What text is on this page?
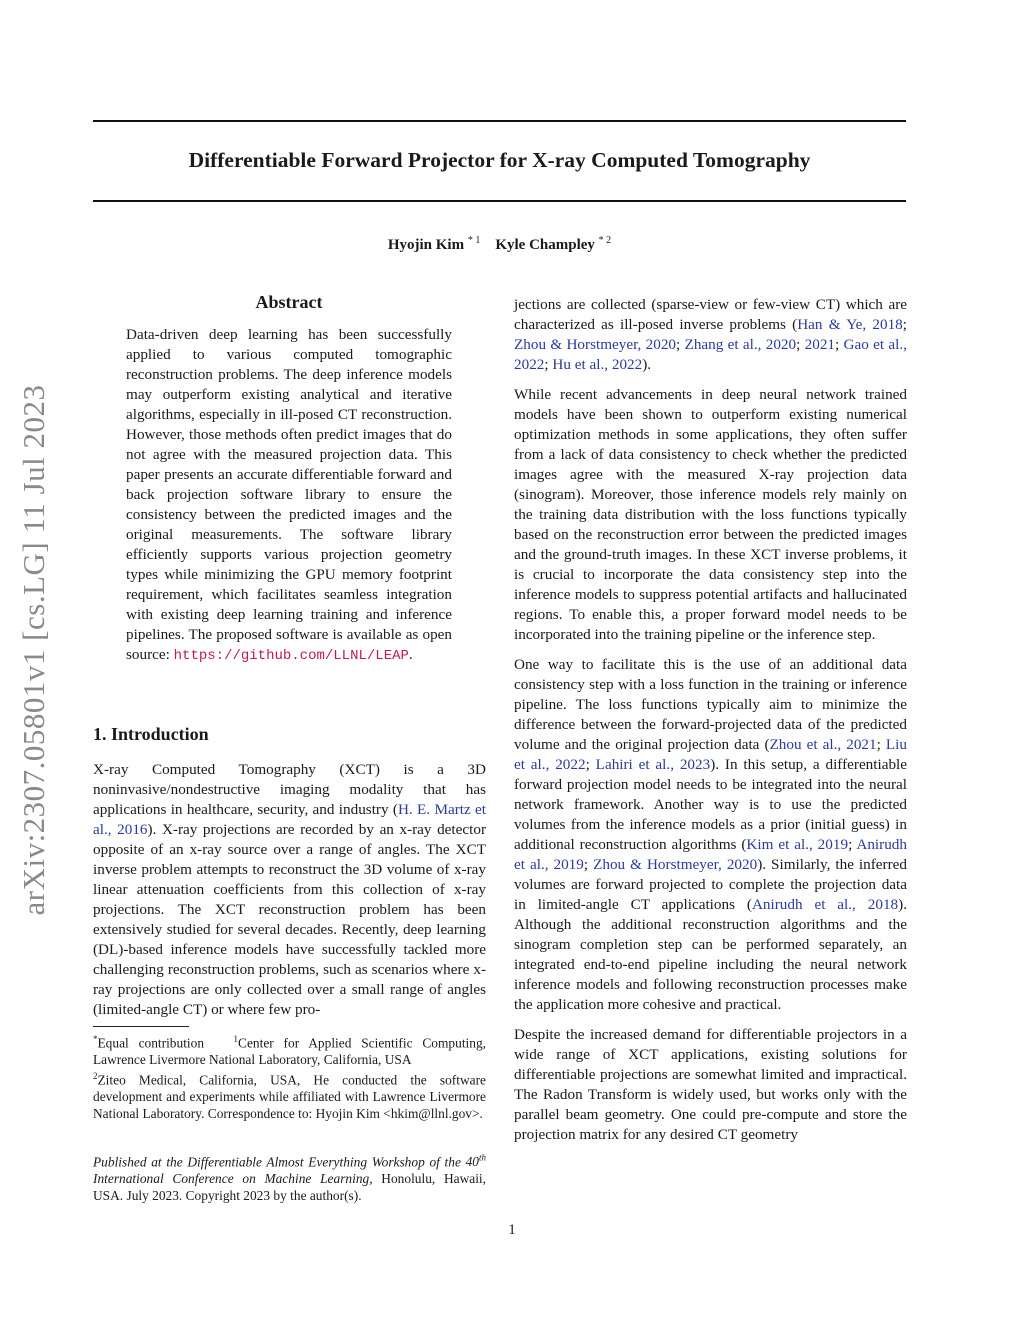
arXiv:2307.05801v1 [cs.LG] 11 Jul 2023
Differentiable Forward Projector for X-ray Computed Tomography
Hyojin Kim $^{* 1}$ Kyle Champley $^{* 2}$
Abstract

Data-driven deep learning has been successfully applied to various computed tomographic reconstruction problems. The deep inference models may outperform existing analytical and iterative algorithms, especially in ill-posed CT reconstruction. However, those methods often predict images that do not agree with the measured projection data. This paper presents an accurate differentiable forward and back projection software library to ensure the consistency between the predicted images and the original measurements. The software library efficiently supports various projection geometry types while minimizing the GPU memory footprint requirement, which facilitates seamless integration with existing deep learning training and inference pipelines. The proposed software is available as open source: https://github.com/LLNL/LEAP.

1. Introduction

X-ray Computed Tomography (XCT) is a 3D noninvasive/nondestructive imaging modality that has applications in healthcare, security, and industry (H. E. Martz et al., 2016). X-ray projections are recorded by an x-ray detector opposite of an x-ray source over a range of angles. The XCT inverse problem attempts to reconstruct the 3D volume of x-ray linear attenuation coefficients from this collection of x-ray projections. The XCT reconstruction problem has been extensively studied for several decades. Recently, deep learning (DL)-based inference models have successfully tackled more challenging reconstruction problems, such as scenarios where x-ray projections are only collected over a small range of angles (limited-angle CT) or where few pro-

*Equal contribution	$^1$Center for Applied Scientific Computing, Lawrence Livermore National Laboratory, California, USA
$^2$Ziteo Medical, California, USA, He conducted the software development and experiments while affiliated with Lawrence Livermore National Laboratory. Correspondence to: Hyojin Kim <hkim@llnl.gov>.
Published at the Differentiable Almost Everything Workshop of the 40th International Conference on Machine Learning, Honolulu, Hawaii, USA. July 2023. Copyright 2023 by the author(s).

jections are collected (sparse-view or few-view CT) which are characterized as ill-posed inverse problems (Han & Ye, 2018; Zhou & Horstmeyer, 2020; Zhang et al., 2020; 2021; Gao et al., 2022; Hu et al., 2022).

While recent advancements in deep neural network trained models have been shown to outperform existing numerical optimization methods in some applications, they often suffer from a lack of data consistency to check whether the predicted images agree with the measured X-ray projection data (sinogram). Moreover, those inference models rely mainly on the training data distribution with the loss functions typically based on the reconstruction error between the predicted images and the ground-truth images. In these XCT inverse problems, it is crucial to incorporate the data consistency step into the inference models to suppress potential artifacts and hallucinated regions. To enable this, a proper forward model needs to be incorporated into the training pipeline or the inference step.

One way to facilitate this is the use of an additional data consistency step with a loss function in the training or inference pipeline. The loss functions typically aim to minimize the difference between the forward-projected data of the predicted volume and the original projection data (Zhou et al., 2021; Liu et al., 2022; Lahiri et al., 2023). In this setup, a differentiable forward projection model needs to be integrated into the neural network framework. Another way is to use the predicted volumes from the inference models as a prior (initial guess) in additional reconstruction algorithms (Kim et al., 2019; Anirudh et al., 2019; Zhou & Horstmeyer, 2020). Similarly, the inferred volumes are forward projected to complete the projection data in limited-angle CT applications (Anirudh et al., 2018). Although the additional reconstruction algorithms and the sinogram completion step can be performed separately, an integrated end-to-end pipeline including the neural network inference models and following reconstruction processes make the application more cohesive and practical.

Despite the increased demand for differentiable projectors in a wide range of XCT applications, existing solutions for differentiable projections are somewhat limited and impractical. The Radon Transform is widely used, but works only with the parallel beam geometry. One could pre-compute and store the projection matrix for any desired CT geometry

1
